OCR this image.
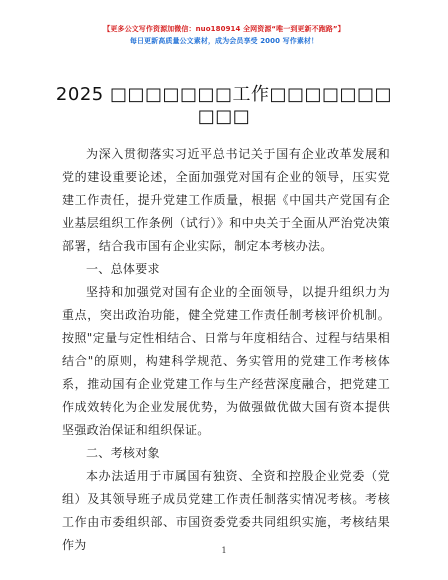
【更多公文写作资源加微信：nuo180914 全网资源“唯一到更新不跑路”】
每日更新高质量公文素材，成为会员享受 2000 写作素材！
2025 □□□□□□□工作□□□□□□□□□□

为深入贯彻落实习近平总书记关于国有企业改革发展和党的建设重要论述，全面加强党对国有企业的领导，压实党建工作责任，提升党建工作质量，根据《中国共产党国有企业基层组织工作条例（试行）》和中央关于全面从严治党决策部署，结合我市国有企业实际，制定本考核办法。

一、总体要求

坚持和加强党对国有企业的全面领导，以提升组织力为重点，突出政治功能，健全党建工作责任制考核评价机制。按照"定量与定性相结合、日常与年度相结合、过程与结果相结合"的原则，构建科学规范、务实管用的党建工作考核体系，推动国有企业党建工作与生产经营深度融合，把党建工作成效转化为企业发展优势，为做强做优做大国有资本提供坚强政治保证和组织保证。

二、考核对象

本办法适用于市属国有独资、全资和控股企业党委（党组）及其领导班子成员党建工作责任制落实情况考核。考核工作由市委组织部、市国资委党委共同组织实施，考核结果作为	1
